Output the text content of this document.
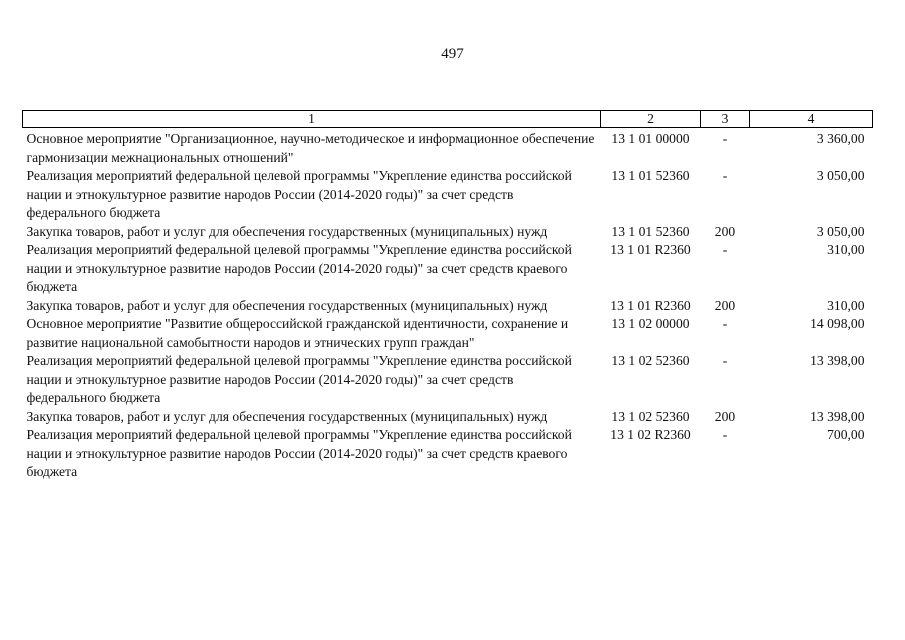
497
1	2	3	4
Основное мероприятие "Организационное, научно-методическое и информационное обеспечение гармонизации межнациональных отношений"	13 1 01 00000	-	3 360,00
Реализация мероприятий федеральной целевой программы "Укрепление единства российской нации и этнокультурное развитие народов России (2014-2020 годы)" за счет средств федерального бюджета	13 1 01 52360	-	3 050,00
Закупка товаров, работ и услуг для обеспечения государственных (муниципальных) нужд	13 1 01 52360	200	3 050,00
Реализация мероприятий федеральной целевой программы "Укрепление единства российской нации и этнокультурное развитие народов России (2014-2020 годы)" за счет средств краевого бюджета	13 1 01 R2360	-	310,00
Закупка товаров, работ и услуг для обеспечения государственных (муниципальных) нужд	13 1 01 R2360	200	310,00
Основное мероприятие "Развитие общероссийской гражданской идентичности, сохранение и развитие национальной самобытности народов и этнических групп граждан"	13 1 02 00000	-	14 098,00
Реализация мероприятий федеральной целевой программы "Укрепление единства российской нации и этнокультурное развитие народов России (2014-2020 годы)" за счет средств федерального бюджета	13 1 02 52360	-	13 398,00
Закупка товаров, работ и услуг для обеспечения государственных (муниципальных) нужд	13 1 02 52360	200	13 398,00
Реализация мероприятий федеральной целевой программы "Укрепление единства российской нации и этнокультурное развитие народов России (2014-2020 годы)" за счет средств краевого бюджета	13 1 02 R2360	-	700,00
